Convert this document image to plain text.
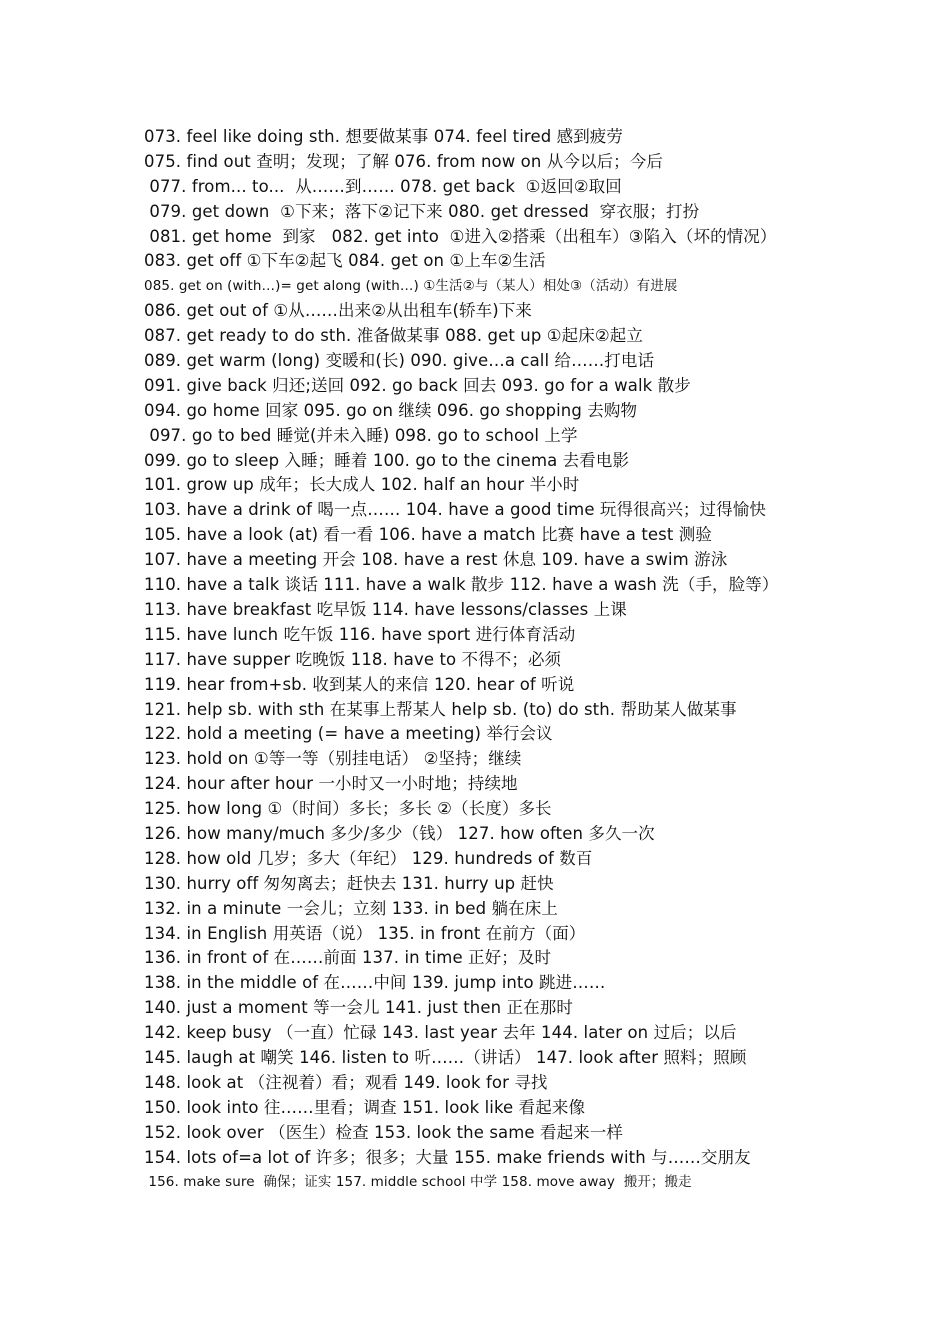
073. feel like doing sth. 想要做某事 074. feel tired 感到疲劳
075. find out 查明；发现；了解 076. from now on 从今以后；今后
077. from... to...  从……到…… 078. get back  ①返回②取回
079. get down  ①下来；落下②记下来 080. get dressed  穿衣服；打扮
081. get home  到家   082. get into  ①进入②搭乘（出租车）③陷入（坏的情况）
083. get off ①下车②起飞 084. get on ①上车②生活
085. get on (with…)= get along (with…) ①生活②与（某人）相处③（活动）有进展
086. get out of ①从……出来②从出租车(轿车)下来
087. get ready to do sth. 准备做某事 088. get up ①起床②起立
089. get warm (long) 变暖和(长) 090. give…a call 给……打电话
091. give back 归还;送回 092. go back 回去 093. go for a walk 散步
094. go home 回家 095. go on 继续 096. go shopping 去购物
097. go to bed 睡觉(并未入睡) 098. go to school 上学
099. go to sleep 入睡；睡着 100. go to the cinema 去看电影
101. grow up 成年；长大成人 102. half an hour 半小时
103. have a drink of 喝一点…… 104. have a good time 玩得很高兴；过得愉快
105. have a look (at) 看一看 106. have a match 比赛 have a test 测验
107. have a meeting 开会 108. have a rest 休息 109. have a swim 游泳
110. have a talk 谈话 111. have a walk 散步 112. have a wash 洗（手，脸等）
113. have breakfast 吃早饭 114. have lessons/classes 上课
115. have lunch 吃午饭 116. have sport 进行体育活动
117. have supper 吃晚饭 118. have to 不得不；必须
119. hear from+sb. 收到某人的来信 120. hear of 听说
121. help sb. with sth 在某事上帮某人 help sb. (to) do sth. 帮助某人做某事
122. hold a meeting (= have a meeting) 举行会议
123. hold on ①等一等（别挂电话） ②坚持；继续
124. hour after hour 一小时又一小时地；持续地
125. how long ①（时间）多长；多长 ②（长度）多长
126. how many/much 多少/多少（钱） 127. how often 多久一次
128. how old 几岁；多大（年纪） 129. hundreds of 数百
130. hurry off 匆匆离去；赶快去 131. hurry up 赶快
132. in a minute 一会儿；立刻 133. in bed 躺在床上
134. in English 用英语（说） 135. in front 在前方（面）
136. in front of 在……前面 137. in time 正好；及时
138. in the middle of 在……中间 139. jump into 跳进……
140. just a moment 等一会儿 141. just then 正在那时
142. keep busy （一直）忙碌 143. last year 去年 144. later on 过后；以后
145. laugh at 嘲笑 146. listen to 听……（讲话） 147. look after 照料；照顾
148. look at （注视着）看；观看 149. look for 寻找
150. look into 往……里看；调查 151. look like 看起来像
152. look over （医生）检查 153. look the same 看起来一样
154. lots of=a lot of 许多；很多；大量 155. make friends with 与……交朋友
156. make sure  确保；证实 157. middle school 中学 158. move away  搬开；搬走
